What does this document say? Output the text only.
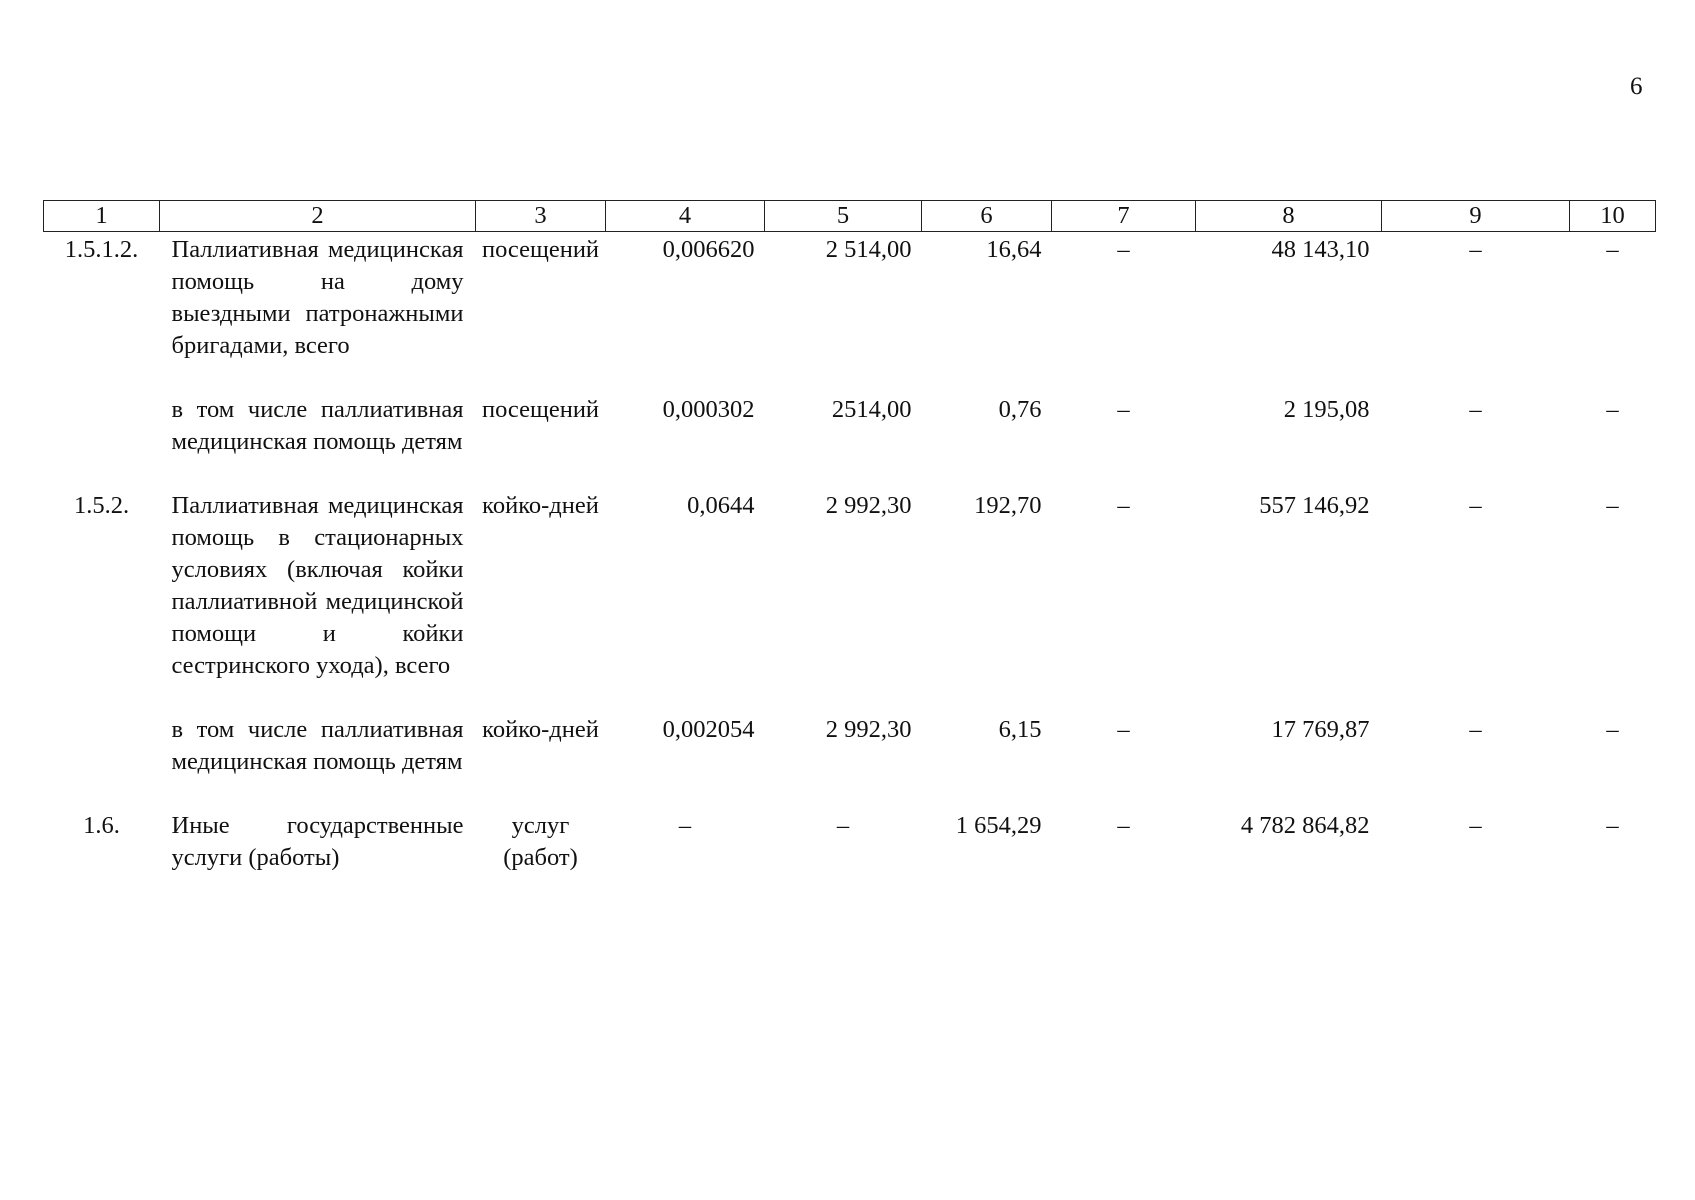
6
1	2	3	4	5	6	7	8	9	10
1.5.1.2.	Паллиативная медицинская помощь на дому выездными патронажными бригадами, всего	посещений	0,006620	2 514,00	16,64	–	48 143,10	–	–
	в том числе паллиативная медицинская помощь детям	посещений	0,000302	2514,00	0,76	–	2 195,08	–	–
1.5.2.	Паллиативная медицинская помощь в стационарных условиях (включая койки паллиативной медицинской помощи и койки сестринского ухода), всего	койко-дней	0,0644	2 992,30	192,70	–	557 146,92	–	–
	в том числе паллиативная медицинская помощь детям	койко-дней	0,002054	2 992,30	6,15	–	17 769,87	–	–
1.6.	Иные государственные услуги (работы)	услуг (работ)	–	–	1 654,29	–	4 782 864,82	–	–
